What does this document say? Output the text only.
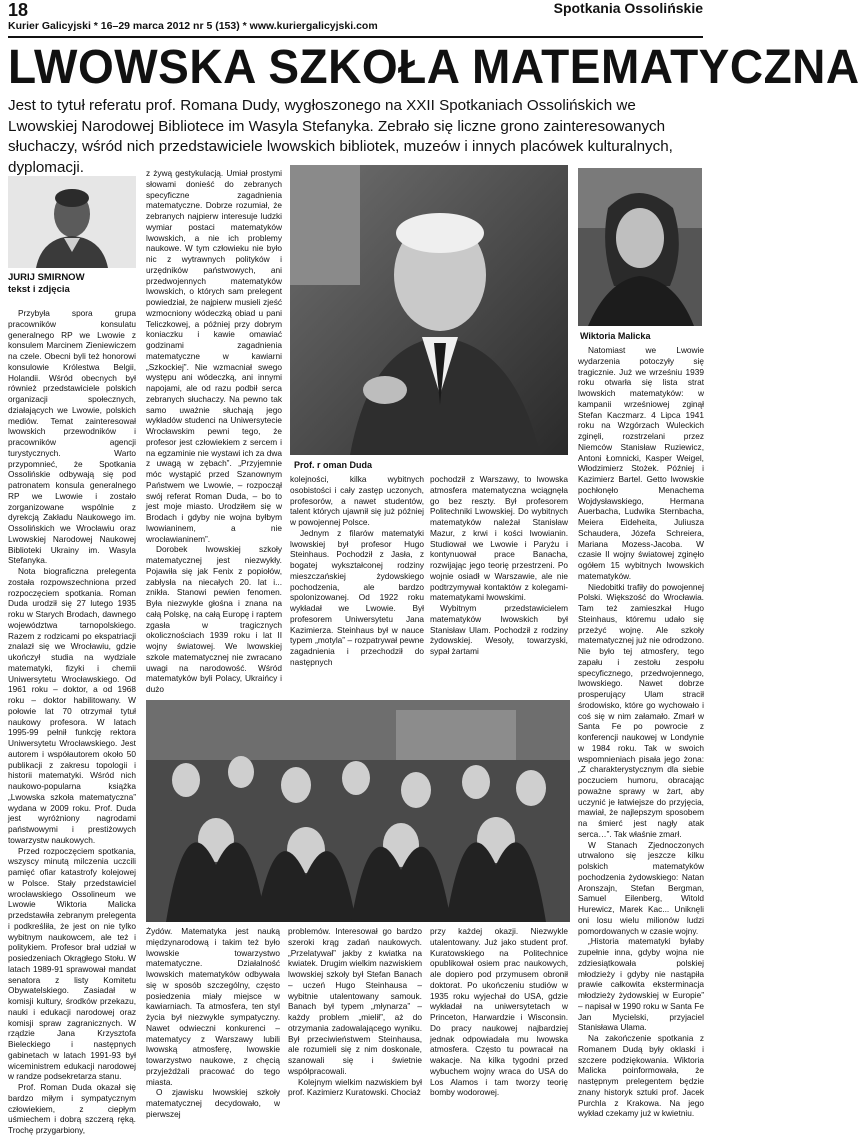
18	Spotkania Ossolińskie
Kurier Galicyjski * 16–29 marca 2012 nr 5 (153) * www.kuriergalicyjski.com
LWOWSKA SZKOŁA MATEMATYCZNA
Jest to tytuł referatu prof. Romana Dudy, wygłoszonego na XXII Spotkaniach Ossolińskich we Lwowskiej Narodowej Bibliotece im Wasyla Stefanyka. Zebrało się liczne grono zainteresowanych słuchaczy, wśród nich przedstawiciele lwowskich bibliotek, muzeów i innych placówek kulturalnych, dyplomacji.
JURIJ SMIRNOW
tekst i zdjęcia

Przybyła spora grupa pracowników konsulatu generalnego RP we Lwowie z konsulem Marcinem Zieniewiczem na czele. Obecni byli też honorowi konsulowie Królestwa Belgii, Holandii. Wśród obecnych był również przedstawiciele polskich organizacji społecznych, działających we Lwowie, polskich mediów. Temat zainteresował lwowskich przewodników i pracowników agencji turystycznych. Warto przypomnieć, że Spotkania Ossolińskie odbywają się pod patronatem konsula generalnego RP we Lwowie i zostało zorganizowane wspólnie z dyrekcją Zakładu Naukowego im. Ossolińskich we Wrocławiu oraz Lwowskiej Narodowej Naukowej Biblioteki Ukrainy im. Wasyla Stefanyka.

Nota biograficzna prelegenta została rozpowszechniona przed rozpoczęciem spotkania. Roman Duda urodził się 27 lutego 1935 roku w Starych Brodach, dawnego województwa tarnopolskiego. Razem z rodzicami po ekspatriacji znalazł się we Wrocławiu, gdzie ukończył studia na wydziale matematyki, fizyki i chemii Uniwersytetu Wrocławskiego. Od 1961 roku – doktor, a od 1968 roku – doktor habilitowany. W połowie lat 70 otrzymał tytuł naukowy profesora. W latach 1995-99 pełnił funkcję rektora Uniwersytetu Wrocławskiego. Jest autorem i współautorem około 50 publikacji z zakresu topologii i historii matematyki. Wśród nich naukowo-popularna książka „Lwowska szkoła matematyczna” wydana w 2009 roku. Prof. Duda jest wyróżniony nagrodami państwowymi i prestiżowych towarzystw naukowych.

Przed rozpoczęciem spotkania, wszyscy minutą milczenia uczcili pamięć ofiar katastrofy kolejowej w Polsce. Stały przedstawiciel wrocławskiego Ossolineum we Lwowie Wiktoria Malicka przedstawiła zebranym prelegenta i podkreśliła, że jest on nie tylko wybitnym naukowcem, ale też i politykiem. Profesor brał udział w posiedzeniach Okrągłego Stołu. W latach 1989-91 sprawował mandat senatora z listy Komitetu Obywatelskiego. Zasiadał w komisji kultury, środków przekazu, nauki i edukacji narodowej oraz komisji spraw zagranicznych. W rządzie Jana Krzysztofa Bieleckiego i następnych gabinetach w latach 1991-93 był wiceministrem edukacji narodowej w randze podsekretarza stanu.

Prof. Roman Duda okazał się bardzo miłym i sympatycznym człowiekiem, z ciepłym uśmiechem i dobrą szczerą ręką. Trochę przygarbiony,

z żywą gestykulacją. Umiał prostymi słowami donieść do zebranych specyficzne zagadnienia matematyczne. Dobrze rozumiał, że zebranych najpierw interesuje ludzki wymiar postaci matematyków lwowskich, a nie ich problemy naukowe. W tym człowieku nie było nic z wytrawnych polityków i urzędników państwowych, ani przedwojennych matematyków lwowskich, o których sam prelegent powiedział, że najpierw musieli zjeść wzmocniony wódeczką obiad u pani Teliczkowej, a później przy dobrym koniaczku i kawie omawiać godzinami zagadnienia matematyczne w kawiarni „Szkockiej”. Nie wzmacniał swego występu ani wódeczką, ani innymi napojami, ale od razu podbił serca zebranych słuchaczy. Na pewno tak samo uważnie słuchają jego wykładów studenci na Uniwersytecie Wrocławskim pewni tego, że profesor jest człowiekiem z sercem i na egzaminie nie wystawi ich za dwa z uwagą w zębach”. „Przyjemnie móc wystąpić przed Szanownym Państwem we Lwowie, – rozpoczął swój referat Roman Duda, – bo to jest moje miasto. Urodziłem się w Brodach i gdyby nie wojna byłbym lwowianinem, a nie wrocławianinem”.

Dorobek lwowskiej szkoły matematycznej jest niezwykły. Pojawiła się jak Fenix z popiołów, zabłysła na niecałych 20. lat i... znikła. Stanowi pewien fenomen. Była niezwykle głośna i znana na całą Polskę, na całą Europę i raptem zgasła w tragicznych okolicznościach 1939 roku i lat II wojny światowej. We lwowskiej szkole matematycznej nie zwracano uwagi na narodowość. Wśród matematyków byli Polacy, Ukraińcy i dużo

Prof. r oman Duda
Wiktoria Malicka

kolejności, kilka wybitnych osobistości i cały zastęp uczonych, profesorów, a nawet studentów, talent których ujawnił się już później w powojennej Polsce.

Jednym z filarów matematyki lwowskiej był profesor Hugo Steinhaus. Pochodził z Jasła, z bogatej wykształconej rodziny mieszczańskiej żydowskiego pochodzenia, ale bardzo spolonizowanej. Od 1922 roku wykładał we Lwowie. Był profesorem Uniwersytetu Jana Kazimierza. Steinhaus był w nauce typem „motyla” – rozpatrywał pewne zagadnienia i przechodził do następnych

pochodził z Warszawy, to lwowska atmosfera matematyczna wciągnęła go bez reszty. Był profesorem Politechniki Lwowskiej. Do wybitnych matematyków należał Stanisław Mazur, z krwi i kości lwowianin. Studiował we Lwowie i Paryżu i kontynuował prace Banacha, rozwijając jego teorię przestrzeni. Po wojnie osiadł w Warszawie, ale nie podtrzymywał kontaktów z kolegami-matematykami lwowskimi.

Wybitnym przedstawicielem matematyków lwowskich był Stanisław Ulam. Pochodził z rodziny żydowskiej. Wesoły, towarzyski, sypał żartami

Natomiast we Lwowie wydarzenia potoczyły się tragicznie. Już we wrześniu 1939 roku otwarła się lista strat lwowskich matematyków: w kampanii wrześniowej zginął Stefan Kaczmarz. 4 Lipca 1941 roku na Wzgórzach Wuleckich zginęli, rozstrzelani przez Niemców Stanisław Ruziewicz, Antoni Łomnicki, Kasper Weigel, Włodzimierz Stożek. Później i Kazimierz Bartel. Getto lwowskie pochłonęło Menachema Wojdysławskiego, Hermana Auerbacha, Ludwika Sternbacha, Meiera Eideheita, Juliusza Schaudera, Józefa Schreiera, Mariana Mozess-Jacoba. W czasie II wojny światowej zginęło ogółem 15 wybitnych lwowskich matematyków.

Niedobitki trafiły do powojennej Polski. Większość do Wrocławia. Tam też zamieszkał Hugo Steinhaus, któremu udało się przeżyć wojnę. Ale szkoły matematycznej już nie odrodzono. Nie było tej atmosfery, tego zapału i zestołu zespołu specyficznego, przedwojennego, lwowskiego. Nawet dobrze prosperujący Ulam stracił środowisko, które go wychowało i coś się w nim załamało. Zmarł w Santa Fe po powrocie z konferencji naukowej w Londynie w 1984 roku. Tak w swoich wspomnieniach pisała jego żona: „Z charakterystycznym dla siebie poczuciem humoru, obracając poważne sprawy w żart, aby uczynić je łatwiejsze do przyjęcia, mawiał, że najlepszym sposobem na śmierć jest nagły atak serca…”. Tak właśnie zmarł.

W Stanach Zjednoczonych utrwalono się jeszcze kilku polskich matematyków pochodzenia żydowskiego: Natan Aronszajn, Stefan Bergman, Samuel Eilenberg, Witold Hurewicz, Marek Kac... Uniknęli oni losu wielu milionów ludzi pomordowanych w czasie wojny.

„Historia matematyki byłaby zupełnie inna, gdyby wojna nie zdziesiątkowała polskiej młodzieży i gdyby nie nastąpiła prawie całkowita eksterminacja młodzieży żydowskiej w Europie” – napisał w 1990 roku w Santa Fe Jan Mycielski, przyjaciel Stanisława Ulama.

Na zakończenie spotkania z Romanem Dudą były oklaski i szczere podziękowania. Wiktoria Malicka poinformowała, że następnym prelegentem będzie znany historyk sztuki prof. Jacek Purchla z Krakowa. Na jego wykład czekamy już w kwietniu.

Żydów. Matematyka jest nauką międzynarodową i takim też było lwowskie towarzystwo matematyczne. Działalność lwowskich matematyków odbywała się w sposób szczególny, często posiedzenia miały miejsce w kawiarniach. Ta atmosfera, ten styl życia był niezwykle sympatyczny. Nawet odwieczni konkurenci – matematycy z Warszawy lubili lwowską atmosferę, lwowskie towarzystwo naukowe, z chęcią przyjeżdżali pracować do tego miasta.

O zjawisku lwowskiej szkoły matematycznej decydowało, w pierwszej

problemów. Interesował go bardzo szeroki krąg zadań naukowych. „Przelatywał” jakby z kwiatka na kwiatek. Drugim wielkim nazwiskiem lwowskiej szkoły był Stefan Banach – uczeń Hugo Steinhausa – wybitnie utalentowany samouk. Banach był typem „młynarza” – każdy problem „mielił”, aż do otrzymania zadowalającego wyniku. Był przeciwieństwem Steinhausa, ale rozumieli się z nim doskonale, szanowali się i świetnie współpracowali.

Kolejnym wielkim nazwiskiem był prof. Kazimierz Kuratowski. Chociaż

przy każdej okazji. Niezwykle utalentowany. Już jako student prof. Kuratowskiego na Politechnice opublikował osiem prac naukowych, ale dopiero pod przymusem obronił doktorat. Po ukończeniu studiów w 1935 roku wyjechał do USA, gdzie wykładał na uniwersytetach w Princeton, Harwardzie i Wisconsin. Do pracy naukowej najbardziej jednak odpowiadała mu lwowska atmosfera. Często tu powracał na wakacje. Na kilka tygodni przed wybuchem wojny wraca do USA do Los Alamos i tam tworzy teorię bomby wodorowej.
